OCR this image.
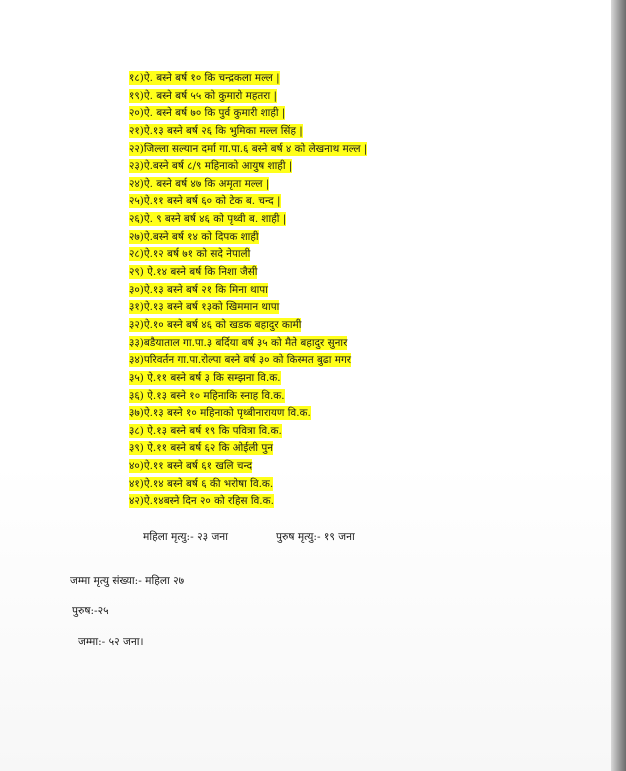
१८)ऐ. बस्ने बर्ष १० कि चन्द्रकला मल्ल |
१९)ऐ. बस्ने बर्ष ५५ को कुमारो महतरा |
२०)ऐ. बस्ने बर्ष ७० कि पुर्व कुमारी शाही |
२१)ऐ.१३ बस्ने बर्ष २६ कि भुमिका मल्ल सिंह |
२२)जिल्ला सल्यान दर्मा गा.पा.६ बस्ने बर्ष ४ को लेखनाथ मल्ल |
२३)ऐ.बस्ने बर्ष ८/९ महिनाको आयुष शाही |
२४)ऐ. बस्ने बर्ष ४७ कि अमृता मल्ल |
२५)ऐ.११ बस्ने बर्ष ६० को टेक ब. चन्द |
२६)ऐ. ९ बस्ने बर्ष ४६ को पृथ्वी ब. शाही |
२७)ऐ.बस्ने बर्ष १४ को दिपक शाही
२८)ऐ.१२ बर्ष ७१ को सदे नेपाली
२९) ऐ.१४ बस्ने बर्ष कि निशा जैसी
३०)ऐ.१३ बस्ने बर्ष २१ कि मिना थापा
३१)ऐ.१३ बस्ने बर्ष १३को खिममान थापा
३२)ऐ.१० बस्ने बर्ष ४६ को खडक बहादुर कामी
३३)बडैयाताल गा.पा.३ बर्दिया बर्ष ३५ को मैते बहादुर सुनार
३४)परिवर्तन गा.पा.रोल्पा बस्ने बर्ष ३० को किस्मत बुढा मगर
३५) ऐ.११ बस्ने बर्ष ३ कि सम्झना वि.क.
३६) ऐ.१३ बस्ने १० महिनाकि स्नाह वि.क.
३७)ऐ.१३ बस्ने १० महिनाको पृथ्बीनारायण वि.क.
३८) ऐ.१३ बस्ने बर्ष १९ कि पवित्रा वि.क.
३९) ऐ.११ बस्ने बर्ष ६२ कि ओईली पुन
४०)ऐ.११ बस्ने बर्ष ६१ खलि चन्द
४१)ऐ.१४ बस्ने बर्ष ६ की भरोषा वि.क.
४२)ऐ.१४बस्ने दिन २० को रहिस वि.क.
महिला मृत्यु:- २३ जना	पुरुष मृत्यु:- १९ जना
जम्मा मृत्यु संख्या:- महिला २७
पुरुष:-२५
जम्मा:- ५२ जना।
